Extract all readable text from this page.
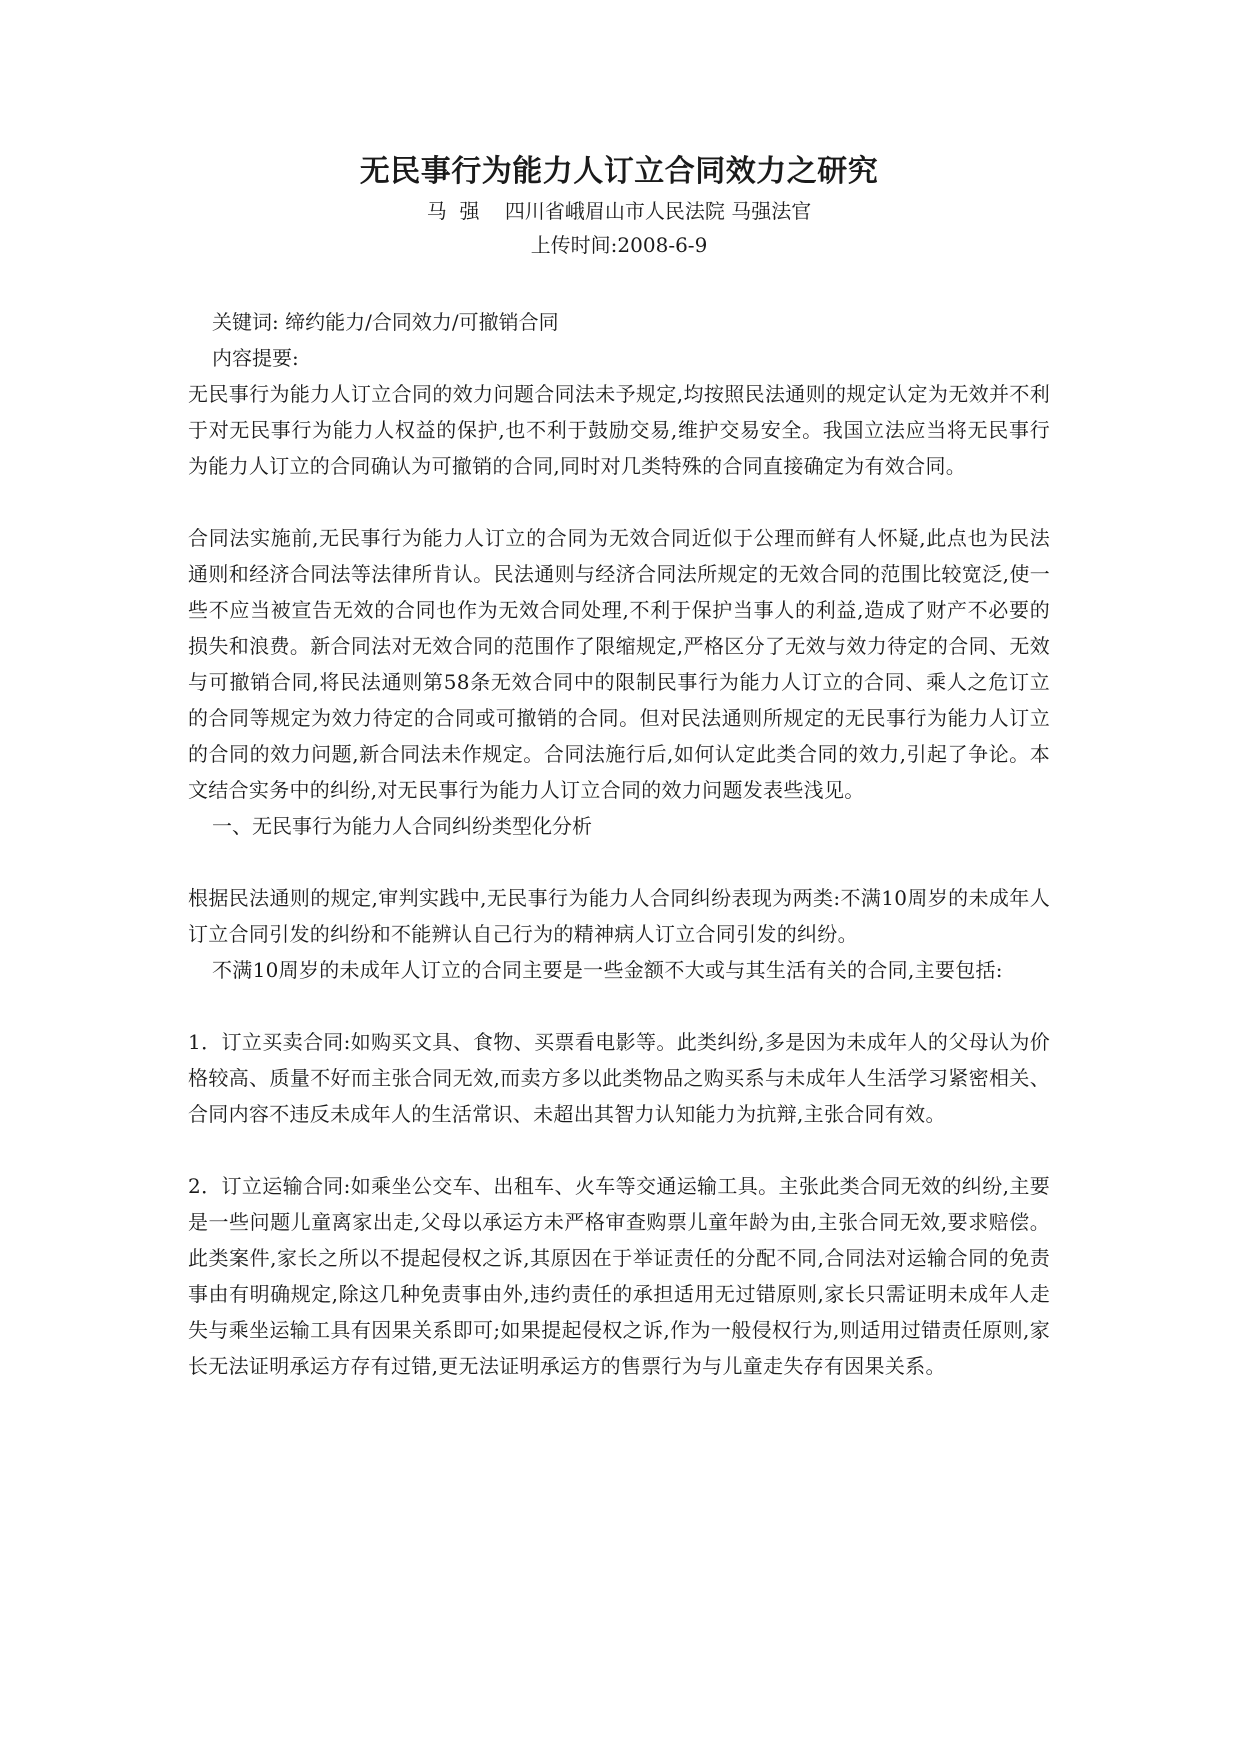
无民事行为能力人订立合同效力之研究
马  强    四川省峨眉山市人民法院 马强法官
上传时间:2008-6-9
关键词: 缔约能力/合同效力/可撤销合同
内容提要:

无民事行为能力人订立合同的效力问题合同法未予规定,均按照民法通则的规定认定为无效并不利于对无民事行为能力人权益的保护,也不利于鼓励交易,维护交易安全。我国立法应当将无民事行为能力人订立的合同确认为可撤销的合同,同时对几类特殊的合同直接确定为有效合同。

合同法实施前,无民事行为能力人订立的合同为无效合同近似于公理而鲜有人怀疑,此点也为民法通则和经济合同法等法律所肯认。民法通则与经济合同法所规定的无效合同的范围比较宽泛,使一些不应当被宣告无效的合同也作为无效合同处理,不利于保护当事人的利益,造成了财产不必要的损失和浪费。新合同法对无效合同的范围作了限缩规定,严格区分了无效与效力待定的合同、无效与可撤销合同,将民法通则第58条无效合同中的限制民事行为能力人订立的合同、乘人之危订立的合同等规定为效力待定的合同或可撤销的合同。但对民法通则所规定的无民事行为能力人订立的合同的效力问题,新合同法未作规定。合同法施行后,如何认定此类合同的效力,引起了争论。本文结合实务中的纠纷,对无民事行为能力人订立合同的效力问题发表些浅见。

一、无民事行为能力人合同纠纷类型化分析

根据民法通则的规定,审判实践中,无民事行为能力人合同纠纷表现为两类:不满10周岁的未成年人订立合同引发的纠纷和不能辨认自己行为的精神病人订立合同引发的纠纷。

不满10周岁的未成年人订立的合同主要是一些金额不大或与其生活有关的合同,主要包括:

1．订立买卖合同:如购买文具、食物、买票看电影等。此类纠纷,多是因为未成年人的父母认为价格较高、质量不好而主张合同无效,而卖方多以此类物品之购买系与未成年人生活学习紧密相关、合同内容不违反未成年人的生活常识、未超出其智力认知能力为抗辩,主张合同有效。

2．订立运输合同:如乘坐公交车、出租车、火车等交通运输工具。主张此类合同无效的纠纷,主要是一些问题儿童离家出走,父母以承运方未严格审查购票儿童年龄为由,主张合同无效,要求赔偿。此类案件,家长之所以不提起侵权之诉,其原因在于举证责任的分配不同,合同法对运输合同的免责事由有明确规定,除这几种免责事由外,违约责任的承担适用无过错原则,家长只需证明未成年人走失与乘坐运输工具有因果关系即可;如果提起侵权之诉,作为一般侵权行为,则适用过错责任原则,家长无法证明承运方存有过错,更无法证明承运方的售票行为与儿童走失存有因果关系。
